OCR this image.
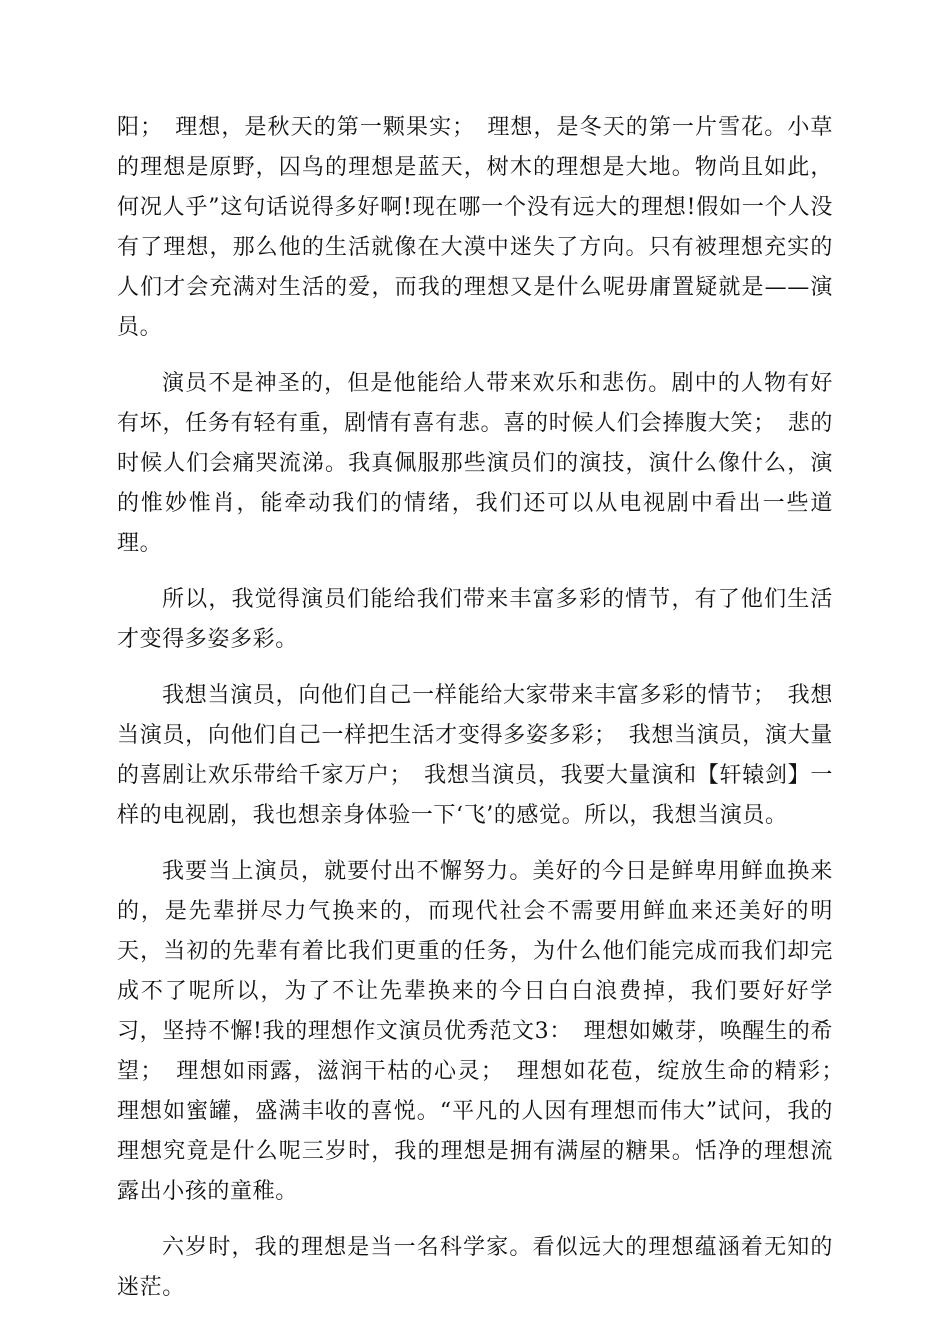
阳；　理想，是秋天的第一颗果实；　理想，是冬天的第一片雪花。小草的理想是原野，囚鸟的理想是蓝天，树木的理想是大地。物尚且如此，何况人乎”这句话说得多好啊!现在哪一个没有远大的理想!假如一个人没有了理想，那么他的生活就像在大漠中迷失了方向。只有被理想充实的人们才会充满对生活的爱，而我的理想又是什么呢毋庸置疑就是——演员。

演员不是神圣的，但是他能给人带来欢乐和悲伤。剧中的人物有好有坏，任务有轻有重，剧情有喜有悲。喜的时候人们会捧腹大笑；　悲的时候人们会痛哭流涕。我真佩服那些演员们的演技，演什么像什么，演的惟妙惟肖，能牵动我们的情绪，我们还可以从电视剧中看出一些道理。

所以，我觉得演员们能给我们带来丰富多彩的情节，有了他们生活才变得多姿多彩。

我想当演员，向他们自己一样能给大家带来丰富多彩的情节；　我想当演员，向他们自己一样把生活才变得多姿多彩；　我想当演员，演大量的喜剧让欢乐带给千家万户；　我想当演员，我要大量演和【轩辕剑】一样的电视剧，我也想亲身体验一下‘飞’的感觉。所以，我想当演员。

我要当上演员，就要付出不懈努力。美好的今日是鲜卑用鲜血换来的，是先辈拼尽力气换来的，而现代社会不需要用鲜血来还美好的明天，当初的先辈有着比我们更重的任务，为什么他们能完成而我们却完成不了呢所以，为了不让先辈换来的今日白白浪费掉，我们要好好学习，坚持不懈!我的理想作文演员优秀范文3：　理想如嫩芽，唤醒生的希望；　理想如雨露，滋润干枯的心灵；　理想如花苞，绽放生命的精彩；　理想如蜜罐，盛满丰收的喜悦。“平凡的人因有理想而伟大”试问，我的理想究竟是什么呢三岁时，我的理想是拥有满屋的糖果。恬净的理想流露出小孩的童稚。

六岁时，我的理想是当一名科学家。看似远大的理想蕴涵着无知的迷茫。
